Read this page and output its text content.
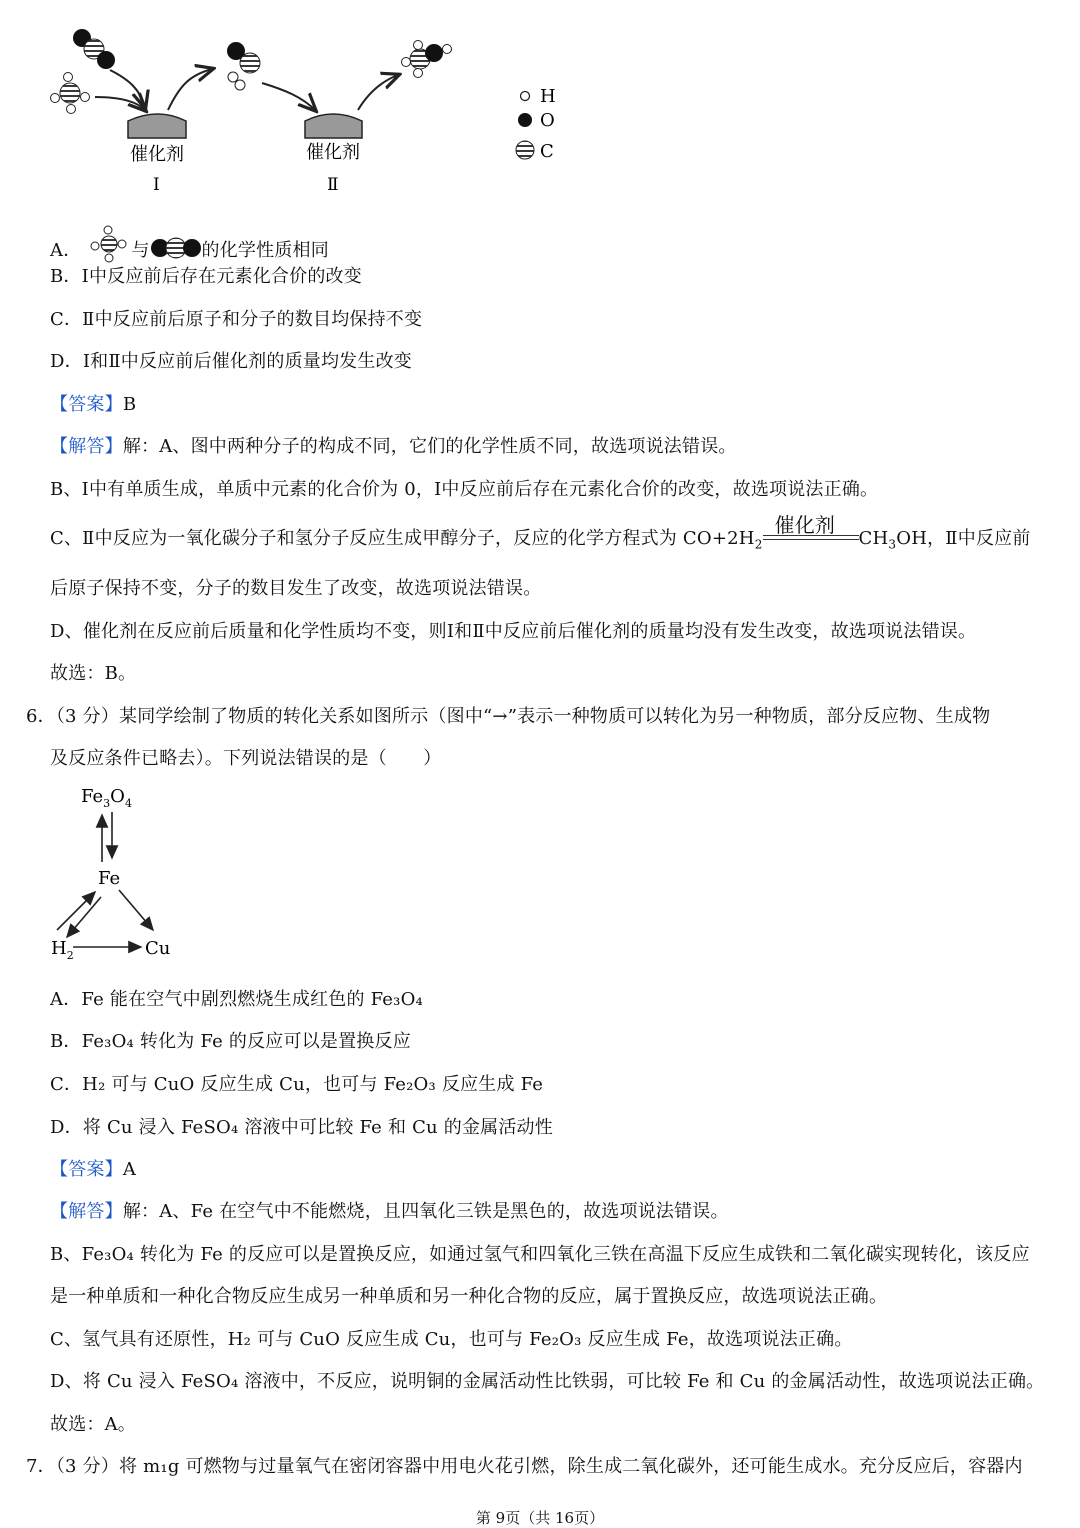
H
O
C
催化剂	催化剂
Ⅰ	Ⅱ
A．	与	的化学性质相同
B．Ⅰ中反应前后存在元素化合价的改变
C．Ⅱ中反应前后原子和分子的数目均保持不变
D．Ⅰ和Ⅱ中反应前后催化剂的质量均发生改变
【答案】B
【解答】解：A、图中两种分子的构成不同，它们的化学性质不同，故选项说法错误。
B、Ⅰ中有单质生成，单质中元素的化合价为 0，Ⅰ中反应前后存在元素化合价的改变，故选项说法正确。
C、Ⅱ中反应为一氧化碳分子和氢分子反应生成甲醇分子，反应的化学方程式为 $CO+2H_2$
催化剂
$CH_3OH$，Ⅱ中反应前
后原子保持不变，分子的数目发生了改变，故选项说法错误。
D、催化剂在反应前后质量和化学性质均不变，则Ⅰ和Ⅱ中反应前后催化剂的质量均没有发生改变，故选项说法错误。
故选：B。
6．（3 分）某同学绘制了物质的转化关系如图所示（图中“→”表示一种物质可以转化为另一种物质，部分反应物、生成物
及反应条件已略去）。下列说法错误的是（　　）
$Fe_3O_4$
Fe
$H_2$	Cu
A．Fe 能在空气中剧烈燃烧生成红色的 Fe₃O₄
B．Fe₃O₄ 转化为 Fe 的反应可以是置换反应
C．H₂ 可与 CuO 反应生成 Cu，也可与 Fe₂O₃ 反应生成 Fe
D．将 Cu 浸入 FeSO₄ 溶液中可比较 Fe 和 Cu 的金属活动性
【答案】A
【解答】解：A、Fe 在空气中不能燃烧，且四氧化三铁是黑色的，故选项说法错误。
B、Fe₃O₄ 转化为 Fe 的反应可以是置换反应，如通过氢气和四氧化三铁在高温下反应生成铁和二氧化碳实现转化，该反应
是一种单质和一种化合物反应生成另一种单质和另一种化合物的反应，属于置换反应，故选项说法正确。
C、氢气具有还原性，H₂ 可与 CuO 反应生成 Cu，也可与 Fe₂O₃ 反应生成 Fe，故选项说法正确。
D、将 Cu 浸入 FeSO₄ 溶液中，不反应，说明铜的金属活动性比铁弱，可比较 Fe 和 Cu 的金属活动性，故选项说法正确。
故选：A。
7．（3 分）将 m₁g 可燃物与过量氧气在密闭容器中用电火花引燃，除生成二氧化碳外，还可能生成水。充分反应后，容器内
第 9页（共 16页）
